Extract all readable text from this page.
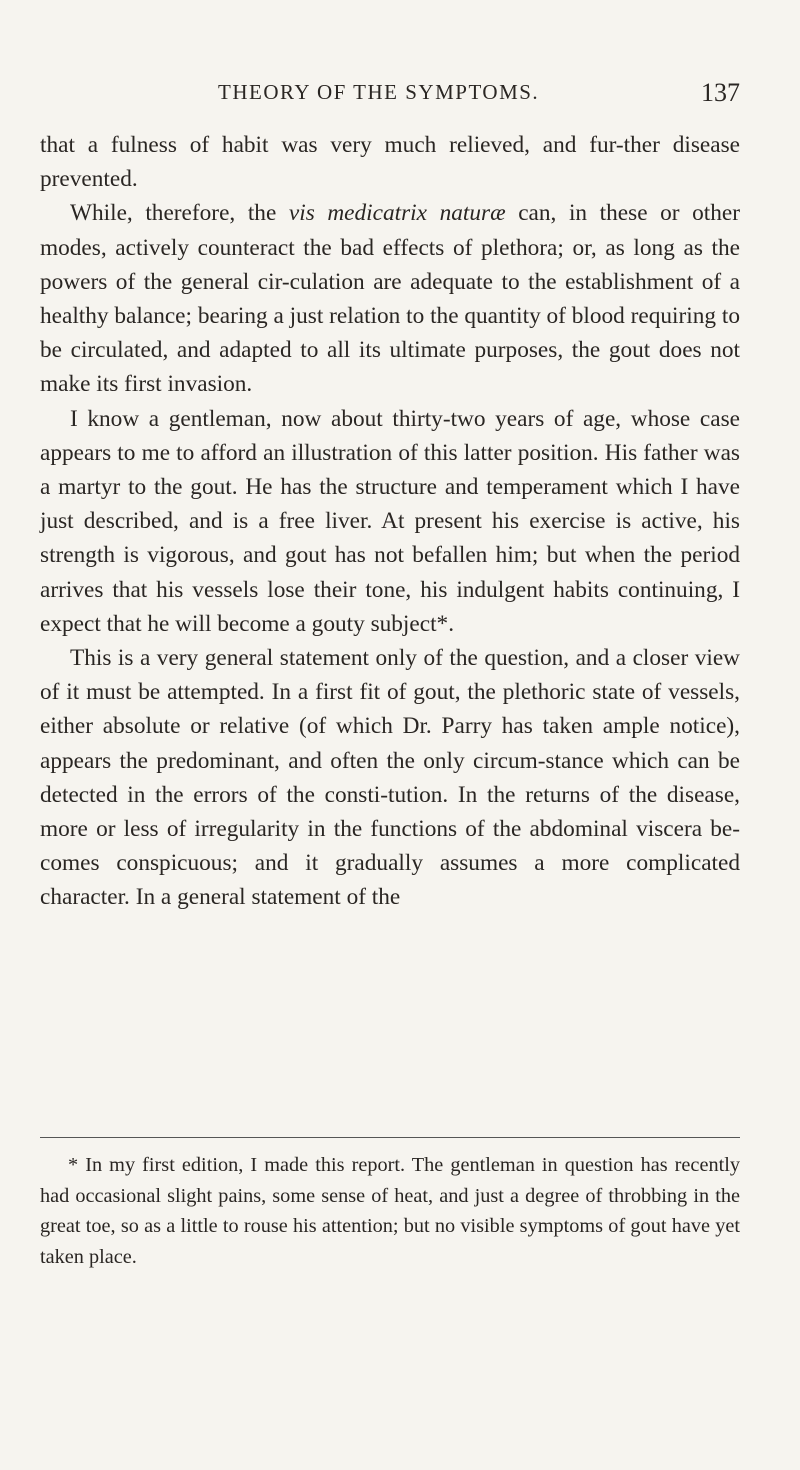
THEORY OF THE SYMPTOMS.	137

that a fulness of habit was very much relieved, and fur-ther disease prevented.

While, therefore, the vis medicatrix naturæ can, in these or other modes, actively counteract the bad effects of plethora; or, as long as the powers of the general cir-culation are adequate to the establishment of a healthy balance; bearing a just relation to the quantity of blood requiring to be circulated, and adapted to all its ultimate purposes, the gout does not make its first invasion.

I know a gentleman, now about thirty-two years of age, whose case appears to me to afford an illustration of this latter position. His father was a martyr to the gout. He has the structure and temperament which I have just described, and is a free liver. At present his exercise is active, his strength is vigorous, and gout has not befallen him; but when the period arrives that his vessels lose their tone, his indulgent habits continuing, I expect that he will become a gouty subject*.

This is a very general statement only of the question, and a closer view of it must be attempted. In a first fit of gout, the plethoric state of vessels, either absolute or relative (of which Dr. Parry has taken ample notice), appears the predominant, and often the only circum-stance which can be detected in the errors of the consti-tution. In the returns of the disease, more or less of irregularity in the functions of the abdominal viscera be-comes conspicuous; and it gradually assumes a more complicated character. In a general statement of the

* In my first edition, I made this report. The gentleman in question has recently had occasional slight pains, some sense of heat, and just a degree of throbbing in the great toe, so as a little to rouse his attention; but no visible symptoms of gout have yet taken place.
